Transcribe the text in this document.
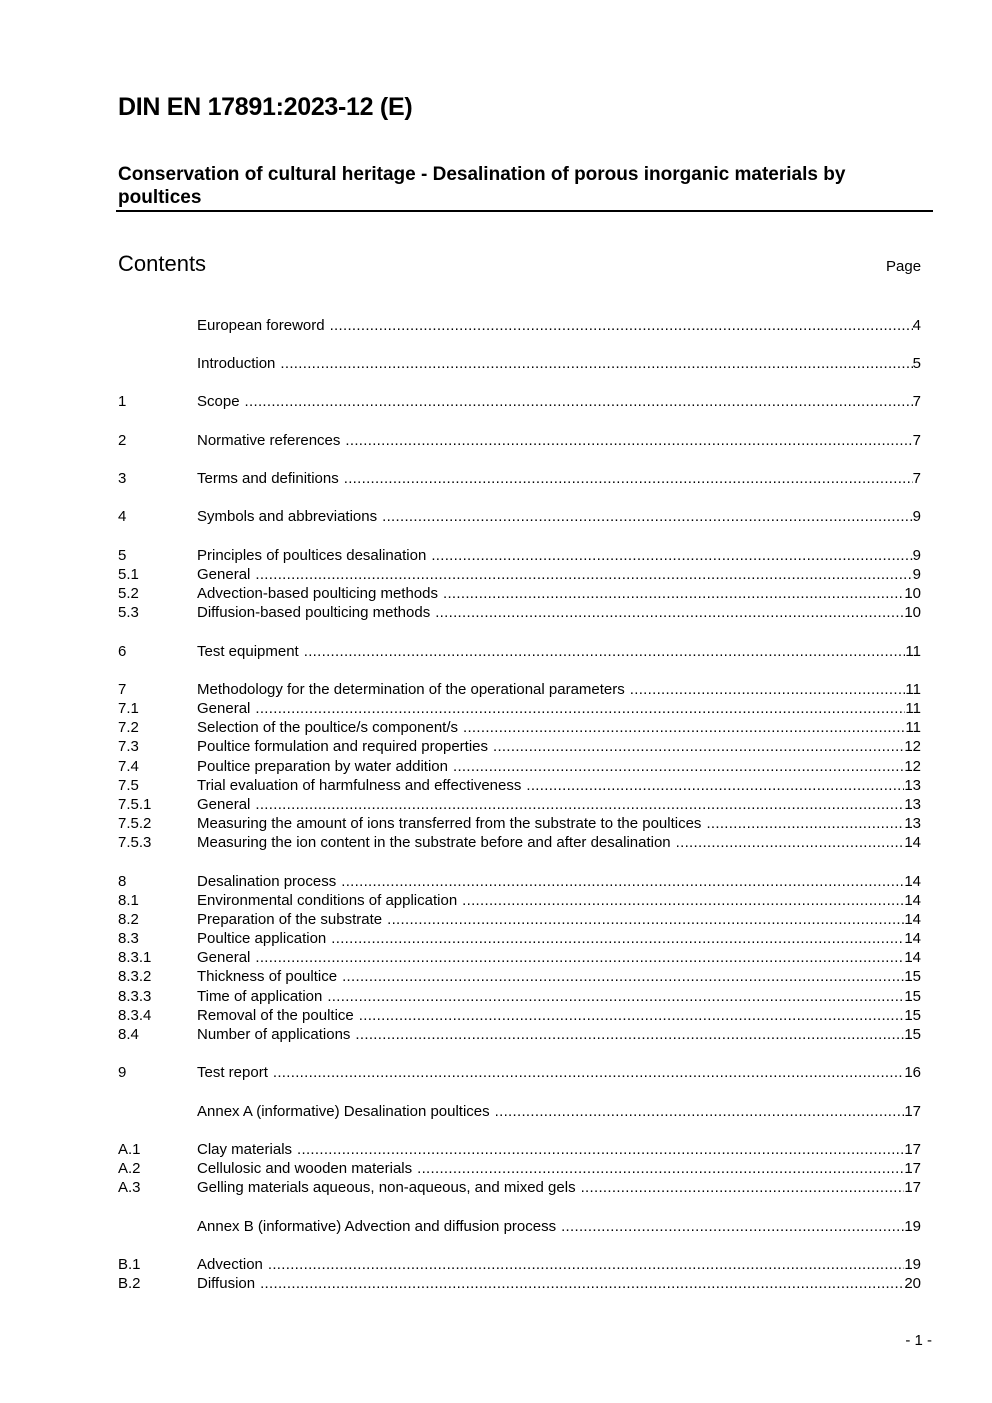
DIN EN 17891:2023-12 (E)
Conservation of cultural heritage - Desalination of porous inorganic materials by poultices
Contents	Page
European foreword .....	4
Introduction .....	5
1	Scope .....	7
2	Normative references .....	7
3	Terms and definitions .....	7
4	Symbols and abbreviations .....	9
5	Principles of poultices desalination .....	9
5.1	General .....	9
5.2	Advection-based poulticing methods .....	10
5.3	Diffusion-based poulticing methods .....	10
6	Test equipment .....	11
7	Methodology for the determination of the operational parameters .....	11
7.1	General .....	11
7.2	Selection of the poultice/s component/s .....	11
7.3	Poultice formulation and required properties .....	12
7.4	Poultice preparation by water addition .....	12
7.5	Trial evaluation of harmfulness and effectiveness .....	13
7.5.1	General .....	13
7.5.2	Measuring the amount of ions transferred from the substrate to the poultices .....	13
7.5.3	Measuring the ion content in the substrate before and after desalination .....	14
8	Desalination process .....	14
8.1	Environmental conditions of application .....	14
8.2	Preparation of the substrate .....	14
8.3	Poultice application .....	14
8.3.1	General .....	14
8.3.2	Thickness of poultice .....	15
8.3.3	Time of application .....	15
8.3.4	Removal of the poultice .....	15
8.4	Number of applications .....	15
9	Test report .....	16
Annex A (informative) Desalination poultices .....	17
A.1	Clay materials .....	17
A.2	Cellulosic and wooden materials .....	17
A.3	Gelling materials aqueous, non-aqueous, and mixed gels .....	17
Annex B (informative) Advection and diffusion process .....	19
B.1	Advection .....	19
B.2	Diffusion .....	20
- 1 -
